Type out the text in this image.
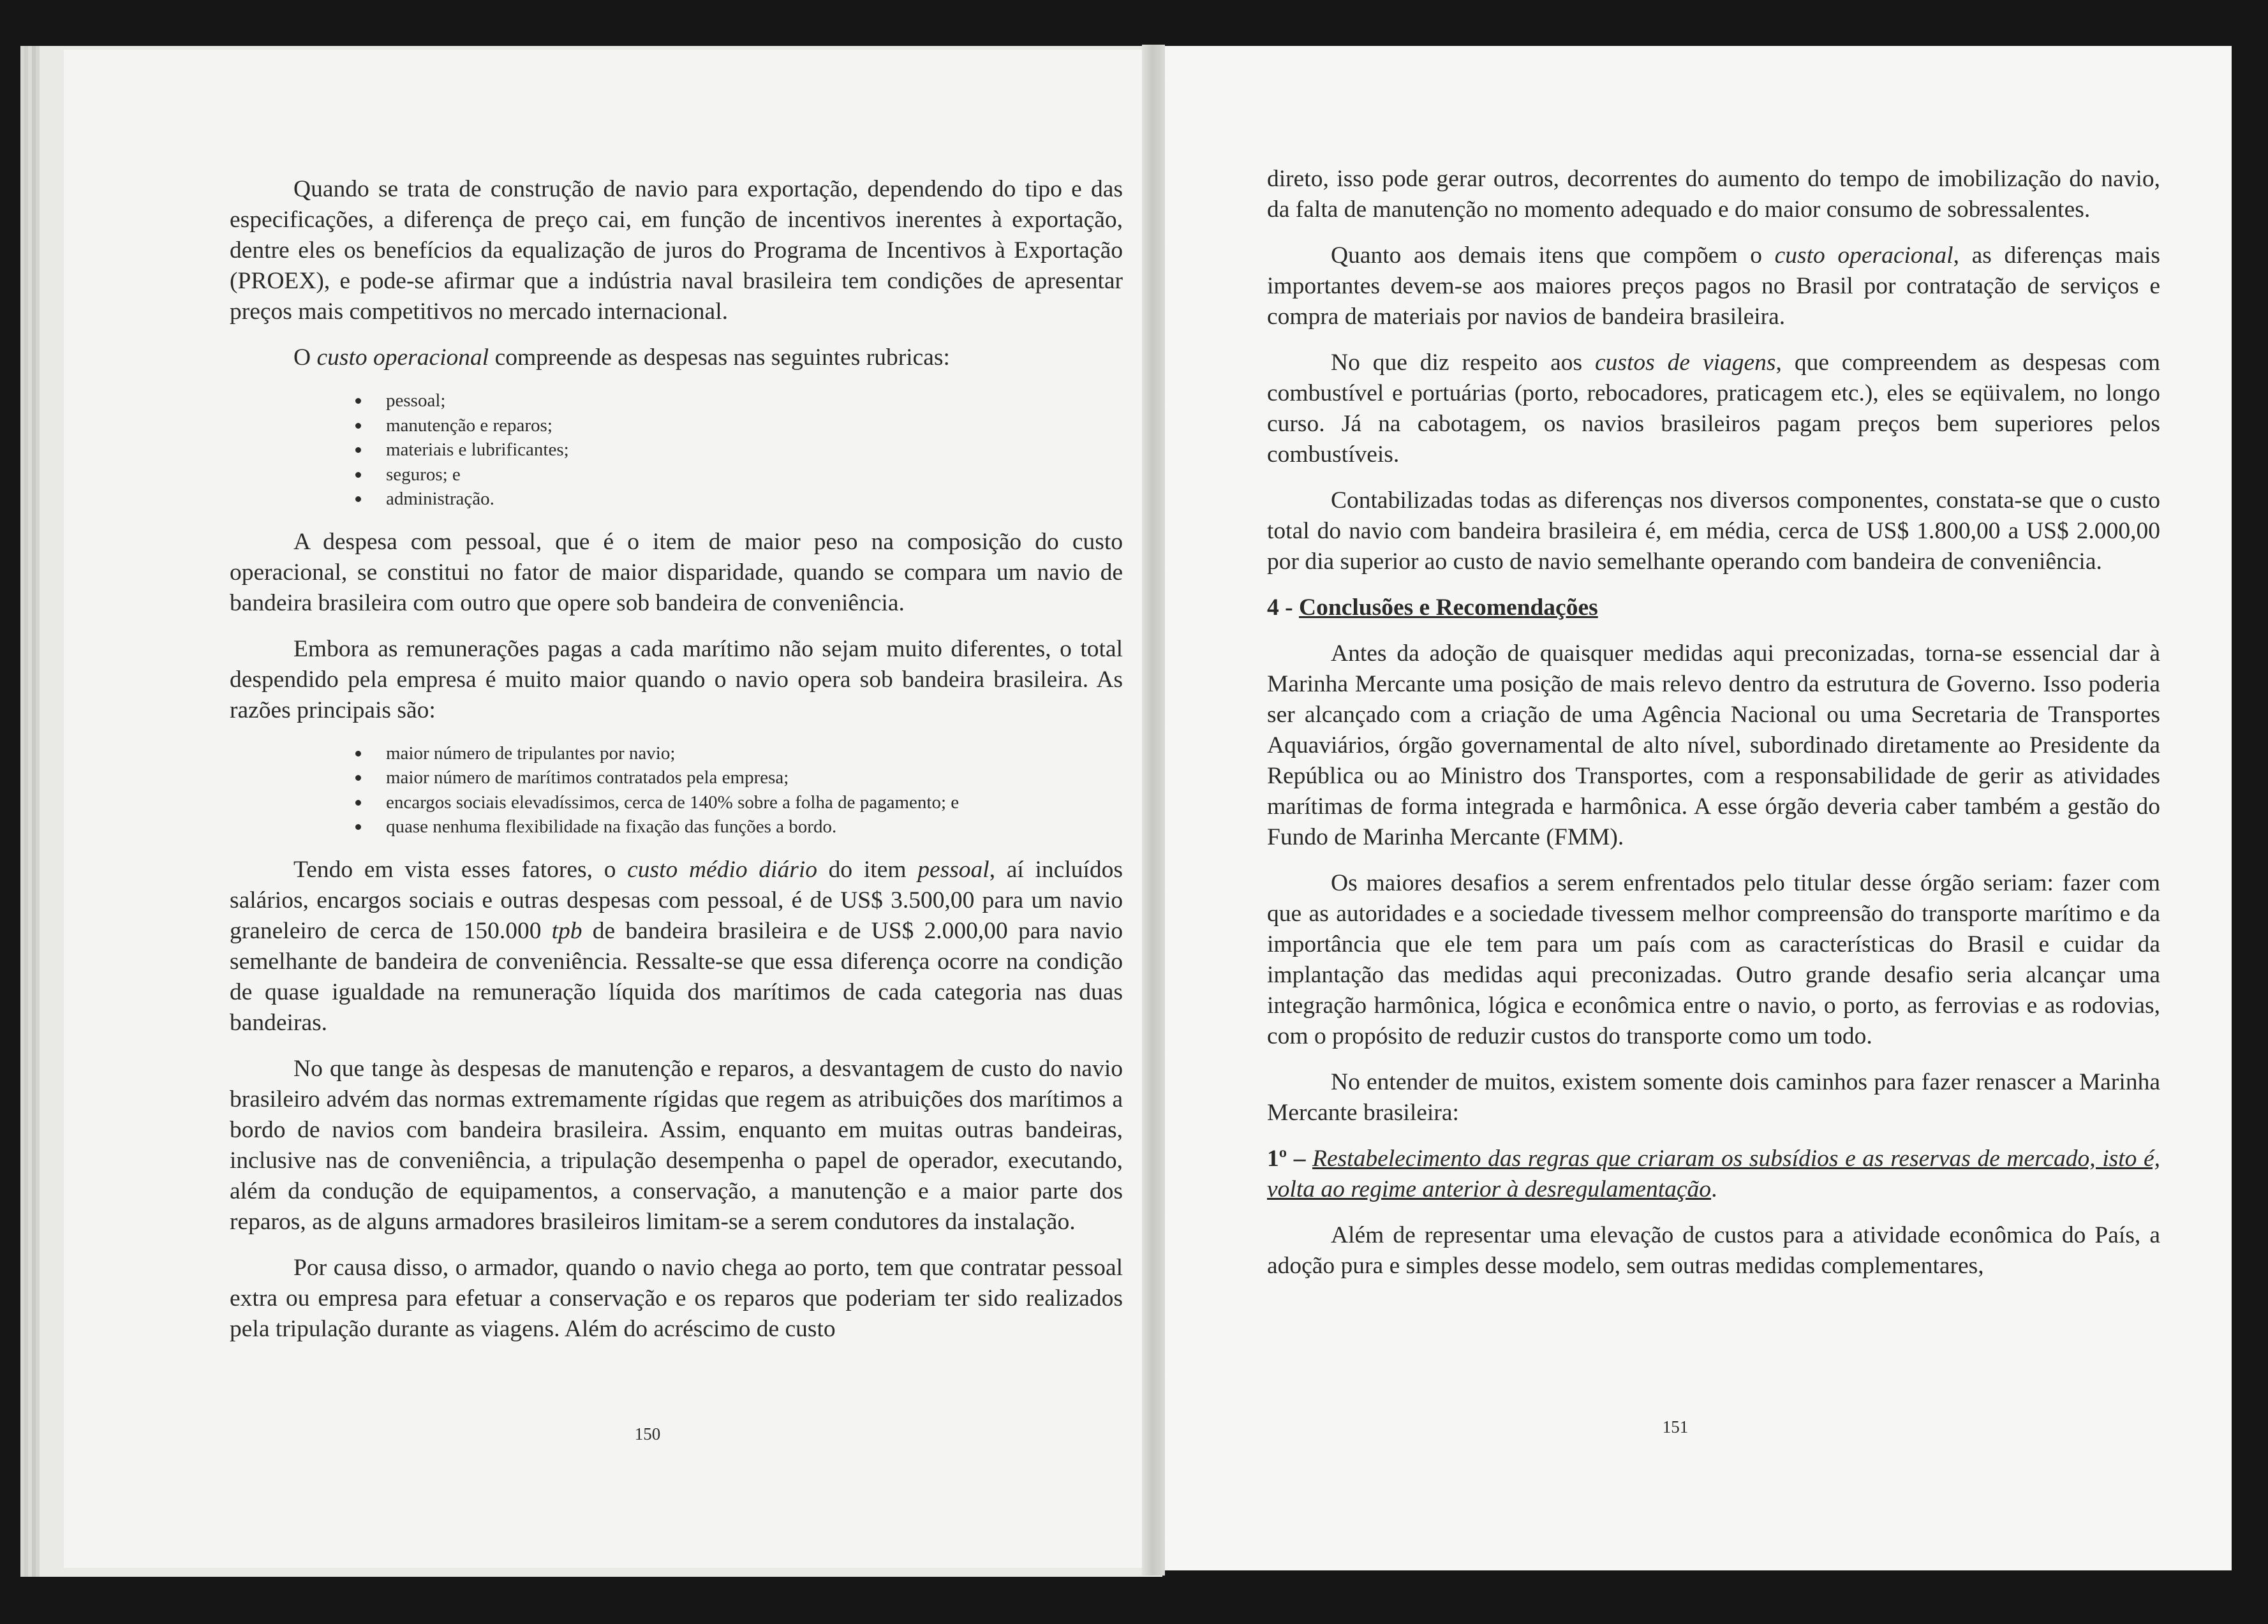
Quando se trata de construção de navio para exportação, dependendo do tipo e das especificações, a diferença de preço cai, em função de incentivos inerentes à exportação, dentre eles os benefícios da equalização de juros do Programa de Incentivos à Exportação (PROEX), e pode-se afirmar que a indústria naval brasileira tem condições de apresentar preços mais competitivos no mercado internacional.

O custo operacional compreende as despesas nas seguintes rubricas:

pessoal;
manutenção e reparos;
materiais e lubrificantes;
seguros; e
administração.

A despesa com pessoal, que é o item de maior peso na composição do custo operacional, se constitui no fator de maior disparidade, quando se compara um navio de bandeira brasileira com outro que opere sob bandeira de conveniência.

Embora as remunerações pagas a cada marítimo não sejam muito diferentes, o total despendido pela empresa é muito maior quando o navio opera sob bandeira brasileira. As razões principais são:

maior número de tripulantes por navio;
maior número de marítimos contratados pela empresa;
encargos sociais elevadíssimos, cerca de 140% sobre a folha de pagamento; e
quase nenhuma flexibilidade na fixação das funções a bordo.

Tendo em vista esses fatores, o custo médio diário do item pessoal, aí incluídos salários, encargos sociais e outras despesas com pessoal, é de US$ 3.500,00 para um navio graneleiro de cerca de 150.000 tpb de bandeira brasileira e de US$ 2.000,00 para navio semelhante de bandeira de conveniência. Ressalte-se que essa diferença ocorre na condição de quase igualdade na remuneração líquida dos marítimos de cada categoria nas duas bandeiras.

No que tange às despesas de manutenção e reparos, a desvantagem de custo do navio brasileiro advém das normas extremamente rígidas que regem as atribuições dos marítimos a bordo de navios com bandeira brasileira. Assim, enquanto em muitas outras bandeiras, inclusive nas de conveniência, a tripulação desempenha o papel de operador, executando, além da condução de equipamentos, a conservação, a manutenção e a maior parte dos reparos, as de alguns armadores brasileiros limitam-se a serem condutores da instalação.

Por causa disso, o armador, quando o navio chega ao porto, tem que contratar pessoal extra ou empresa para efetuar a conservação e os reparos que poderiam ter sido realizados pela tripulação durante as viagens. Além do acréscimo de custo

150

direto, isso pode gerar outros, decorrentes do aumento do tempo de imobilização do navio, da falta de manutenção no momento adequado e do maior consumo de sobressalentes.

Quanto aos demais itens que compõem o custo operacional, as diferenças mais importantes devem-se aos maiores preços pagos no Brasil por contratação de serviços e compra de materiais por navios de bandeira brasileira.

No que diz respeito aos custos de viagens, que compreendem as despesas com combustível e portuárias (porto, rebocadores, praticagem etc.), eles se eqüivalem, no longo curso. Já na cabotagem, os navios brasileiros pagam preços bem superiores pelos combustíveis.

Contabilizadas todas as diferenças nos diversos componentes, constata-se que o custo total do navio com bandeira brasileira é, em média, cerca de US$ 1.800,00 a US$ 2.000,00 por dia superior ao custo de navio semelhante operando com bandeira de conveniência.

4 - Conclusões e Recomendações

Antes da adoção de quaisquer medidas aqui preconizadas, torna-se essencial dar à Marinha Mercante uma posição de mais relevo dentro da estrutura de Governo. Isso poderia ser alcançado com a criação de uma Agência Nacional ou uma Secretaria de Transportes Aquaviários, órgão governamental de alto nível, subordinado diretamente ao Presidente da República ou ao Ministro dos Transportes, com a responsabilidade de gerir as atividades marítimas de forma integrada e harmônica. A esse órgão deveria caber também a gestão do Fundo de Marinha Mercante (FMM).

Os maiores desafios a serem enfrentados pelo titular desse órgão seriam: fazer com que as autoridades e a sociedade tivessem melhor compreensão do transporte marítimo e da importância que ele tem para um país com as características do Brasil e cuidar da implantação das medidas aqui preconizadas. Outro grande desafio seria alcançar uma integração harmônica, lógica e econômica entre o navio, o porto, as ferrovias e as rodovias, com o propósito de reduzir custos do transporte como um todo.

No entender de muitos, existem somente dois caminhos para fazer renascer a Marinha Mercante brasileira:

1º – Restabelecimento das regras que criaram os subsídios e as reservas de mercado, isto é, volta ao regime anterior à desregulamentação.

Além de representar uma elevação de custos para a atividade econômica do País, a adoção pura e simples desse modelo, sem outras medidas complementares,

151
